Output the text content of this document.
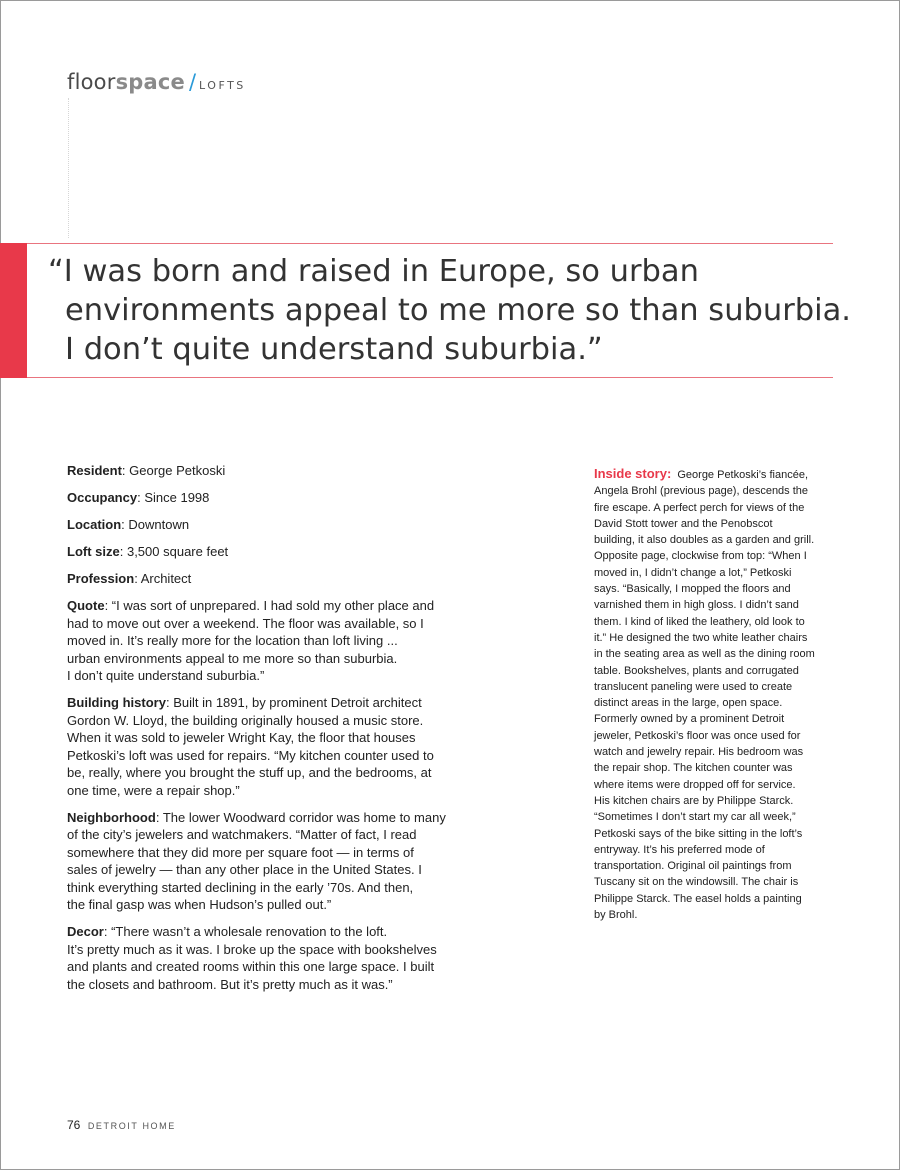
floorspace / LOFTS
“I was born and raised in Europe, so urban
environments appeal to me more so than suburbia.
I don’t quite understand suburbia.”

Resident: George Petkoski

Occupancy: Since 1998

Location: Downtown

Loft size: 3,500 square feet

Profession: Architect

Quote: “I was sort of unprepared. I had sold my other place and
had to move out over a weekend. The floor was available, so I
moved in. It’s really more for the location than loft living ...
urban environments appeal to me more so than suburbia.
I don’t quite understand suburbia.”

Building history: Built in 1891, by prominent Detroit architect
Gordon W. Lloyd, the building originally housed a music store.
When it was sold to jeweler Wright Kay, the floor that houses
Petkoski’s loft was used for repairs. “My kitchen counter used to
be, really, where you brought the stuff up, and the bedrooms, at
one time, were a repair shop.”

Neighborhood: The lower Woodward corridor was home to many
of the city’s jewelers and watchmakers. “Matter of fact, I read
somewhere that they did more per square foot — in terms of
sales of jewelry — than any other place in the United States. I
think everything started declining in the early ’70s. And then,
the final gasp was when Hudson’s pulled out.”

Decor: “There wasn’t a wholesale renovation to the loft.
It’s pretty much as it was. I broke up the space with bookshelves
and plants and created rooms within this one large space. I built
the closets and bathroom. But it’s pretty much as it was.”

Inside story: George Petkoski’s fiancée,

Angela Brohl (previous page), descends the
fire escape. A perfect perch for views of the
David Stott tower and the Penobscot
building, it also doubles as a garden and grill.
Opposite page, clockwise from top: “When I
moved in, I didn’t change a lot,” Petkoski
says. “Basically, I mopped the floors and
varnished them in high gloss. I didn’t sand
them. I kind of liked the leathery, old look to
it.” He designed the two white leather chairs
in the seating area as well as the dining room
table. Bookshelves, plants and corrugated
translucent paneling were used to create
distinct areas in the large, open space.
Formerly owned by a prominent Detroit
jeweler, Petkoski’s floor was once used for
watch and jewelry repair. His bedroom was
the repair shop. The kitchen counter was
where items were dropped off for service.
His kitchen chairs are by Philippe Starck.
“Sometimes I don’t start my car all week,”
Petkoski says of the bike sitting in the loft’s
entryway. It’s his preferred mode of
transportation. Original oil paintings from
Tuscany sit on the windowsill. The chair is
Philippe Starck. The easel holds a painting
by Brohl.
76 DETROIT HOME
